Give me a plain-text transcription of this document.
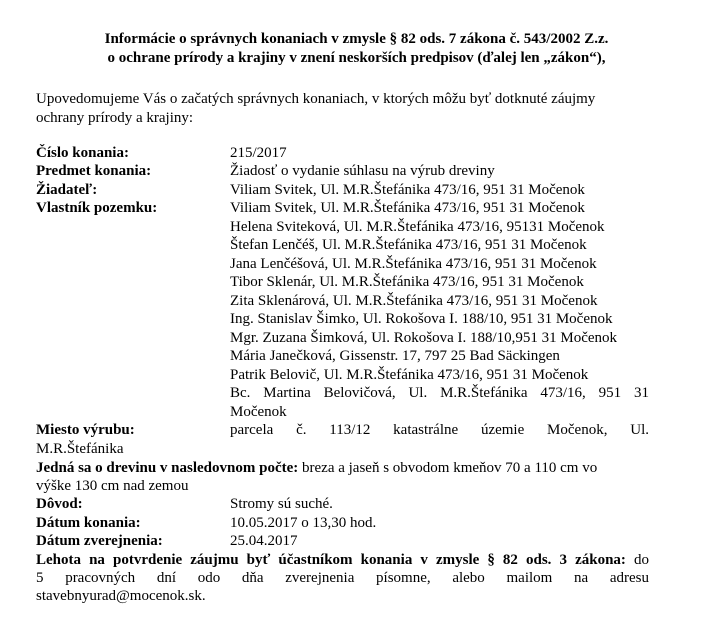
Informácie o správnych konaniach v zmysle § 82 ods. 7 zákona č. 543/2002 Z.z.
o ochrane prírody a krajiny v znení neskorších predpisov (ďalej len „zákon“),
Upovedomujeme Vás o začatých správnych konaniach, v ktorých môžu byť dotknuté záujmy
ochrany prírody a krajiny:
Číslo konania:	215/2017
Predmet konania:	Žiadosť o vydanie súhlasu na výrub dreviny
Žiadateľ:	Viliam Svitek, Ul. M.R.Štefánika 473/16, 951 31 Močenok
Vlastník pozemku:	Viliam Svitek, Ul. M.R.Štefánika 473/16, 951 31 Močenok
Helena Sviteková, Ul. M.R.Štefánika 473/16, 95131 Močenok
Štefan Lenčéš, Ul. M.R.Štefánika 473/16, 951 31 Močenok
Jana Lenčéšová, Ul. M.R.Štefánika 473/16, 951 31 Močenok
Tibor Sklenár, Ul. M.R.Štefánika 473/16, 951 31 Močenok
Zita Sklenárová, Ul. M.R.Štefánika 473/16, 951 31 Močenok
Ing. Stanislav Šimko, Ul. Rokošova I. 188/10, 951 31 Močenok
Mgr. Zuzana Šimková, Ul. Rokošova I. 188/10,951 31 Močenok
Mária Janečková, Gissenstr. 17, 797 25 Bad Säckingen
Patrik Belovič, Ul. M.R.Štefánika 473/16, 951 31 Močenok
Bc. Martina Belovičová, Ul. M.R.Štefánika 473/16, 951 31
Močenok
Miesto výrubu:	parcela č. 113/12 katastrálne územie Močenok, Ul.
M.R.Štefánika
Jedná sa o drevinu v nasledovnom počte: breza a jaseň s obvodom kmeňov 70 a 110 cm vo
výške 130 cm nad zemou
Dôvod:	Stromy sú suché.
Dátum konania:	10.05.2017 o 13,30 hod.
Dátum zverejnenia:	25.04.2017
Lehota na potvrdenie záujmu byť účastníkom konania v zmysle § 82 ods. 3 zákona: do
5 pracovných dní odo dňa zverejnenia písomne, alebo mailom na adresu
stavebnyurad@mocenok.sk.
